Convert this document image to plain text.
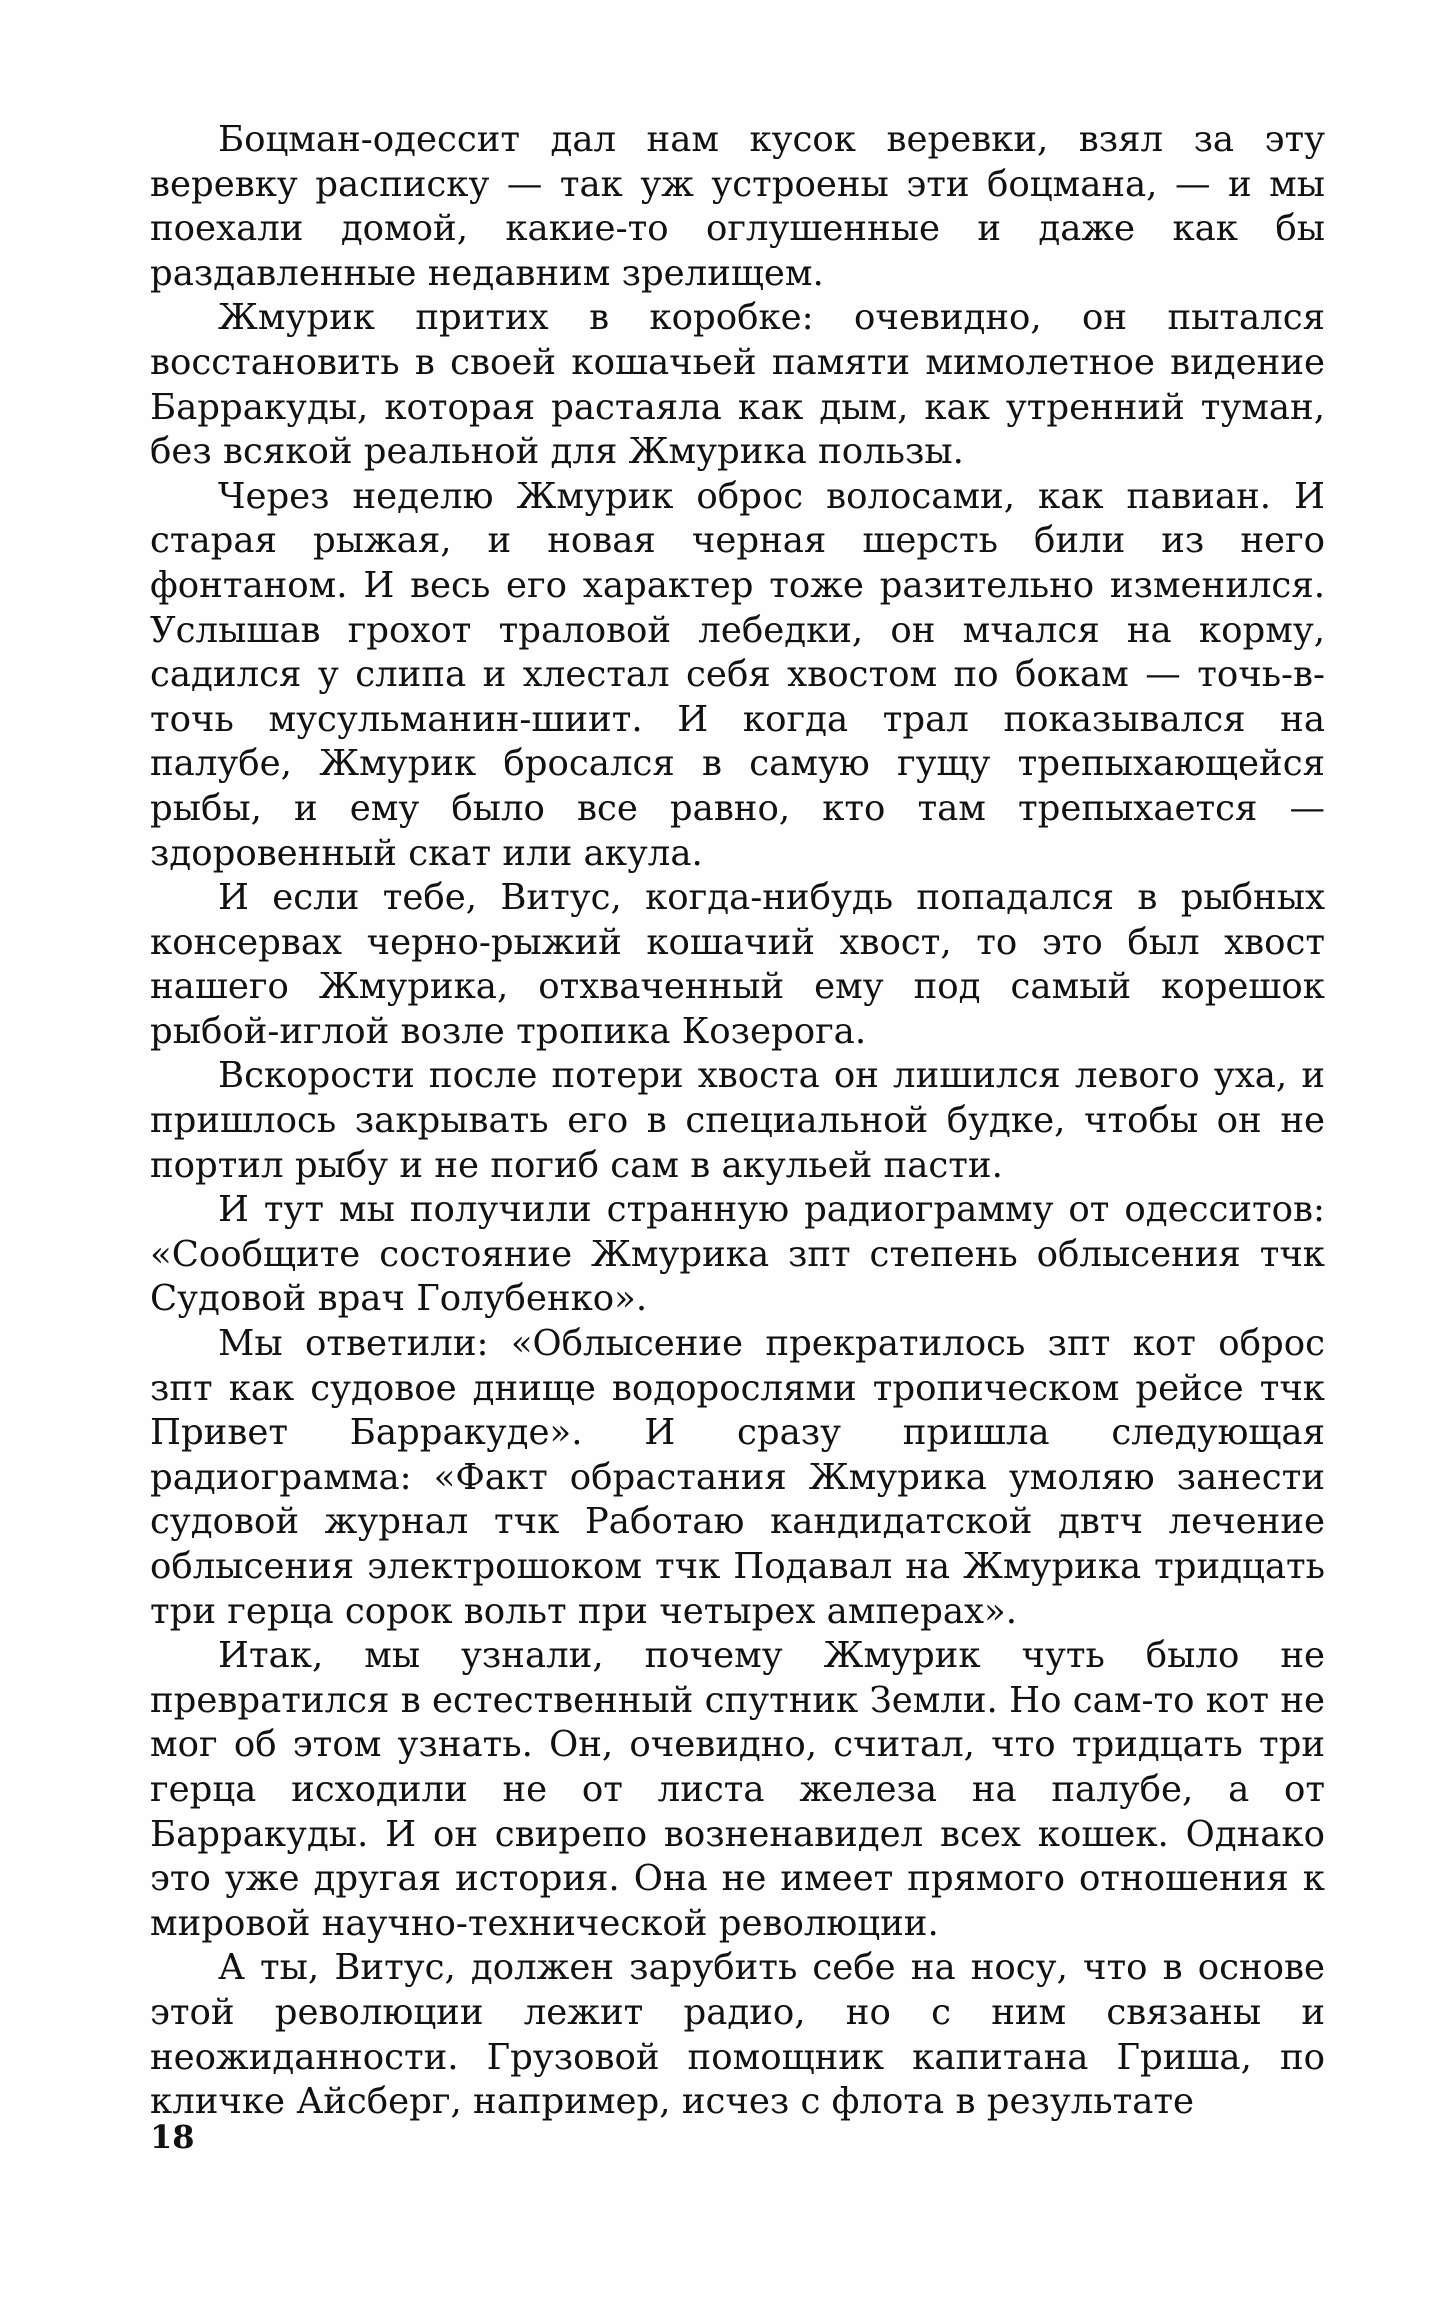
Боцман-одессит дал нам кусок веревки, взял за эту веревку расписку — так уж устроены эти боцмана, — и мы поехали домой, какие-то оглушенные и даже как бы раздавленные недавним зрелищем.

Жмурик притих в коробке: очевидно, он пытался восстановить в своей кошачьей памяти мимолетное видение Барракуды, которая растаяла как дым, как утренний туман, без всякой реальной для Жмурика пользы.

Через неделю Жмурик оброс волосами, как павиан. И старая рыжая, и новая черная шерсть били из него фонтаном. И весь его характер тоже разительно изменился. Услышав грохот траловой лебедки, он мчался на корму, садился у слипа и хлестал себя хвостом по бокам — точь-в-точь мусульманин-шиит. И когда трал показывался на палубе, Жмурик бросался в самую гущу трепыхающейся рыбы, и ему было все равно, кто там трепыхается — здоровенный скат или акула.

И если тебе, Витус, когда-нибудь попадался в рыбных консервах черно-рыжий кошачий хвост, то это был хвост нашего Жмурика, отхваченный ему под самый корешок рыбой-иглой возле тропика Козерога.

Вскорости после потери хвоста он лишился левого уха, и пришлось закрывать его в специальной будке, чтобы он не портил рыбу и не погиб сам в акульей пасти.

И тут мы получили странную радиограмму от одесситов: «Сообщите состояние Жмурика зпт степень облысения тчк Судовой врач Голубенко».

Мы ответили: «Облысение прекратилось зпт кот оброс зпт как судовое днище водорослями тропическом рейсе тчк Привет Барракуде». И сразу пришла следующая радиограмма: «Факт обрастания Жмурика умоляю занести судовой журнал тчк Работаю кандидатской двтч лечение облысения электрошоком тчк Подавал на Жмурика тридцать три герца сорок вольт при четырех амперах».

Итак, мы узнали, почему Жмурик чуть было не превратился в естественный спутник Земли. Но сам-то кот не мог об этом узнать. Он, очевидно, считал, что тридцать три герца исходили не от листа железа на палубе, а от Барракуды. И он свирепо возненавидел всех кошек. Однако это уже другая история. Она не имеет прямого отношения к мировой научно-технической революции.

А ты, Витус, должен зарубить себе на носу, что в основе этой революции лежит радио, но с ним связаны и неожиданности. Грузовой помощник капитана Гриша, по кличке Айсберг, например, исчез с флота в результате

18
